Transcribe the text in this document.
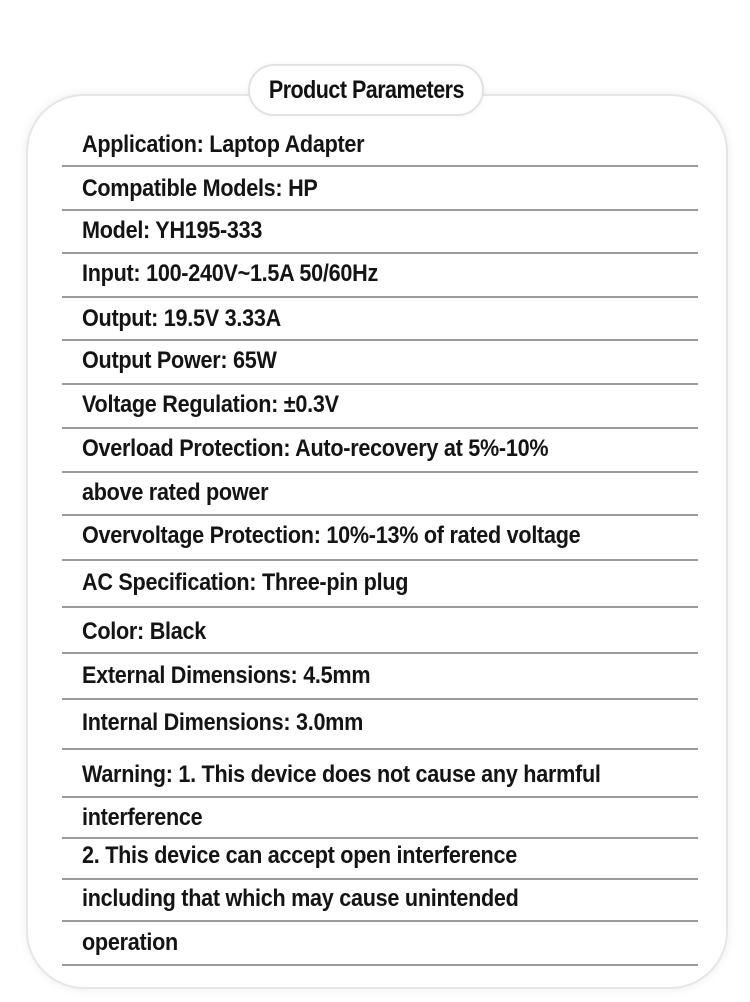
Product Parameters
Application: Laptop Adapter
Compatible Models: HP
Model: YH195-333
Input: 100-240V~1.5A 50/60Hz
Output: 19.5V 3.33A
Output Power: 65W
Voltage Regulation: ±0.3V
Overload Protection: Auto-recovery at 5%-10%
above rated power
Overvoltage Protection: 10%-13% of rated voltage
AC Specification: Three-pin plug
Color: Black
External Dimensions: 4.5mm
Internal Dimensions: 3.0mm
Warning: 1. This device does not cause any harmful
interference
2. This device can accept open interference
including that which may cause unintended
operation
